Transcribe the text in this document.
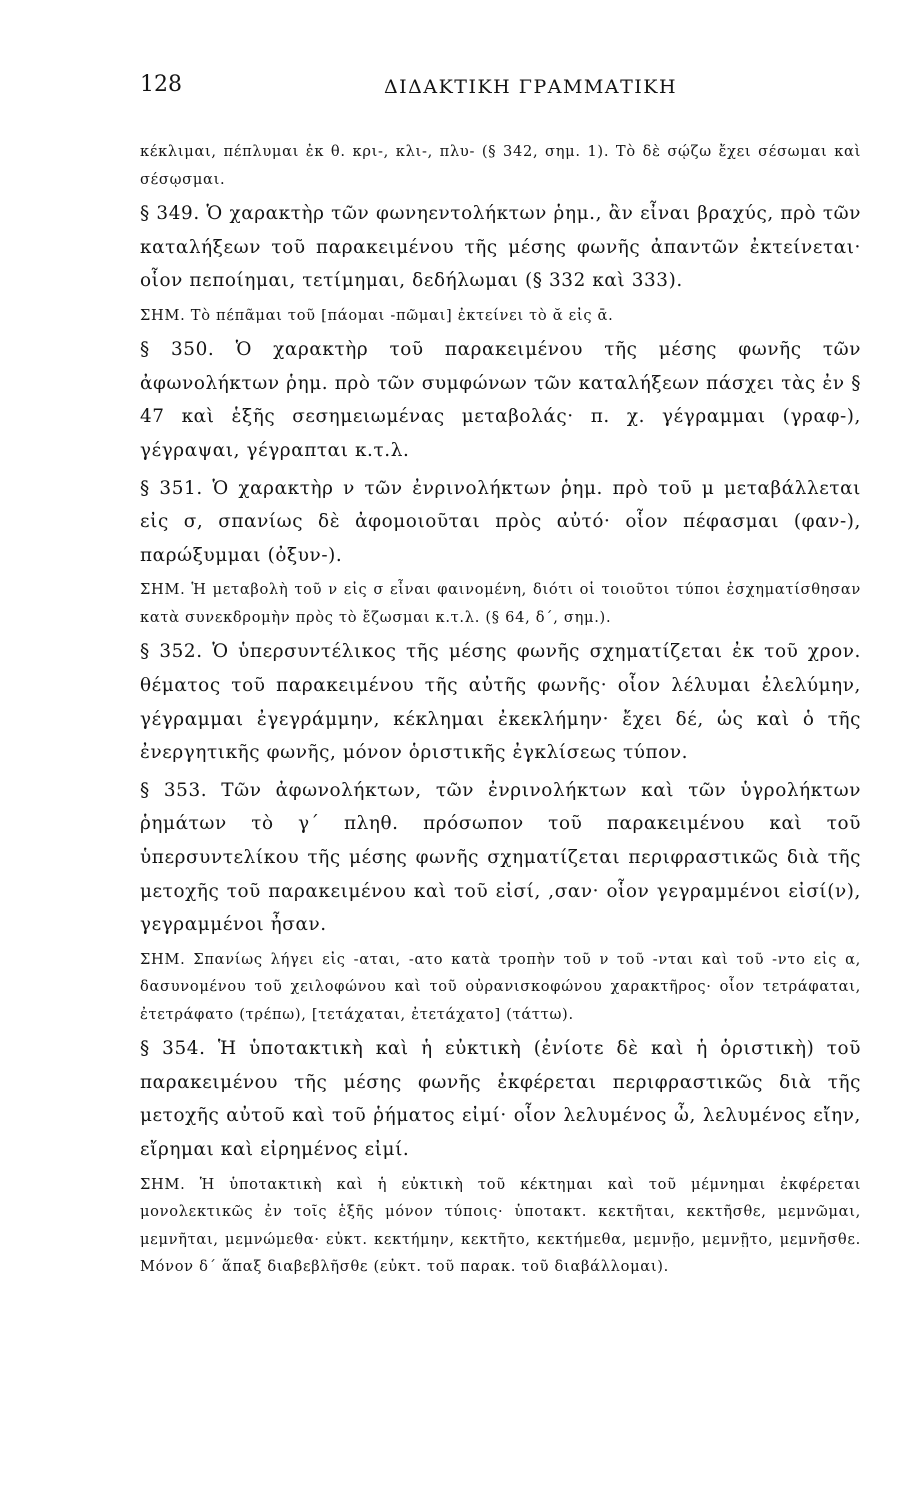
128	ΔΙΔΑΚΤΙΚΗ ΓΡΑΜΜΑΤΙΚΗ

κέκλιμαι, πέπλυμαι ἐκ θ. κρι-, κλι-, πλυ- (§ 342, σημ. 1). Τὸ δὲ σῴζω ἔχει σέσωμαι καὶ σέσῳσμαι.

§ 349. Ὁ χαρακτὴρ τῶν φωνηεντολήκτων ῥημ., ἂν εἶναι βραχύς, πρὸ τῶν καταλήξεων τοῦ παρακειμένου τῆς μέσης φωνῆς ἀπαντῶν ἐκτείνεται· οἷον πεποίημαι, τετίμημαι, δεδήλωμαι (§ 332 καὶ 333).

ΣΗΜ. Τὸ πέπᾶμαι τοῦ [πάομαι -πῶμαι] ἐκτείνει τὸ ᾰ εἰς ᾱ.

§ 350. Ὁ χαρακτὴρ τοῦ παρακειμένου τῆς μέσης φωνῆς τῶν ἀφωνολήκτων ῥημ. πρὸ τῶν συμφώνων τῶν καταλήξεων πάσχει τὰς ἐν § 47 καὶ ἑξῆς σεσημειωμένας μεταβολάς· π. χ. γέγραμμαι (γραφ-), γέγραψαι, γέγραπται κ.τ.λ.

§ 351. Ὁ χαρακτὴρ ν τῶν ἐνρινολήκτων ῥημ. πρὸ τοῦ μ μεταβάλλεται εἰς σ, σπανίως δὲ ἀφομοιοῦται πρὸς αὐτό· οἷον πέφασμαι (φαν-), παρώξυμμαι (ὀξυν-).

ΣΗΜ. Ἡ μεταβολὴ τοῦ ν εἰς σ εἶναι φαινομένη, διότι οἱ τοιοῦτοι τύποι ἐσχηματίσθησαν κατὰ συνεκδρομὴν πρὸς τὸ ἔζωσμαι κ.τ.λ. (§ 64, δ΄, σημ.).

§ 352. Ὁ ὑπερσυντέλικος τῆς μέσης φωνῆς σχηματίζεται ἐκ τοῦ χρον. θέματος τοῦ παρακειμένου τῆς αὐτῆς φωνῆς· οἷον λέλυμαι ἐλελύμην, γέγραμμαι ἐγεγράμμην, κέκλημαι ἐκεκλήμην· ἔχει δέ, ὡς καὶ ὁ τῆς ἐνεργητικῆς φωνῆς, μόνον ὁριστικῆς ἐγκλίσεως τύπον.

§ 353. Τῶν ἀφωνολήκτων, τῶν ἐνρινολήκτων καὶ τῶν ὑγρολήκτων ῥημάτων τὸ γ΄ πληθ. πρόσωπον τοῦ παρακειμένου καὶ τοῦ ὑπερσυντελίκου τῆς μέσης φωνῆς σχηματίζεται περιφραστικῶς διὰ τῆς μετοχῆς τοῦ παρακειμένου καὶ τοῦ εἰσί, ,σαν· οἷον γεγραμμένοι εἰσί(ν), γεγραμμένοι ἦσαν.

ΣΗΜ. Σπανίως λήγει εἰς -αται, -ατο κατὰ τροπὴν τοῦ ν τοῦ -νται καὶ τοῦ -ντο εἰς α, δασυνομένου τοῦ χειλοφώνου καὶ τοῦ οὐρανισκοφώνου χαρακτῆρος· οἷον τετράφαται, ἐτετράφατο (τρέπω), [τετάχαται, ἐτετάχατο] (τάττω).

§ 354. Ἡ ὑποτακτικὴ καὶ ἡ εὐκτικὴ (ἐνίοτε δὲ καὶ ἡ ὁριστικὴ) τοῦ παρακειμένου τῆς μέσης φωνῆς ἐκφέρεται περιφραστικῶς διὰ τῆς μετοχῆς αὐτοῦ καὶ τοῦ ῥήματος εἰμί· οἷον λελυμένος ὦ, λελυμένος εἴην, εἴρημαι καὶ εἰρημένος εἰμί.

ΣΗΜ. Ἡ ὑποτακτικὴ καὶ ἡ εὐκτικὴ τοῦ κέκτημαι καὶ τοῦ μέμνημαι ἐκφέρεται μονολεκτικῶς ἐν τοῖς ἑξῆς μόνον τύποις· ὑποτακτ. κεκτῆται, κεκτῆσθε, μεμνῶμαι, μεμνῆται, μεμνώμεθα· εὐκτ. κεκτήμην, κεκτῆτο, κεκτήμεθα, μεμνῇο, μεμνῇτο, μεμνῆσθε. Μόνον δ΄ ἅπαξ διαβεβλῆσθε (εὐκτ. τοῦ παρακ. τοῦ διαβάλλομαι).
